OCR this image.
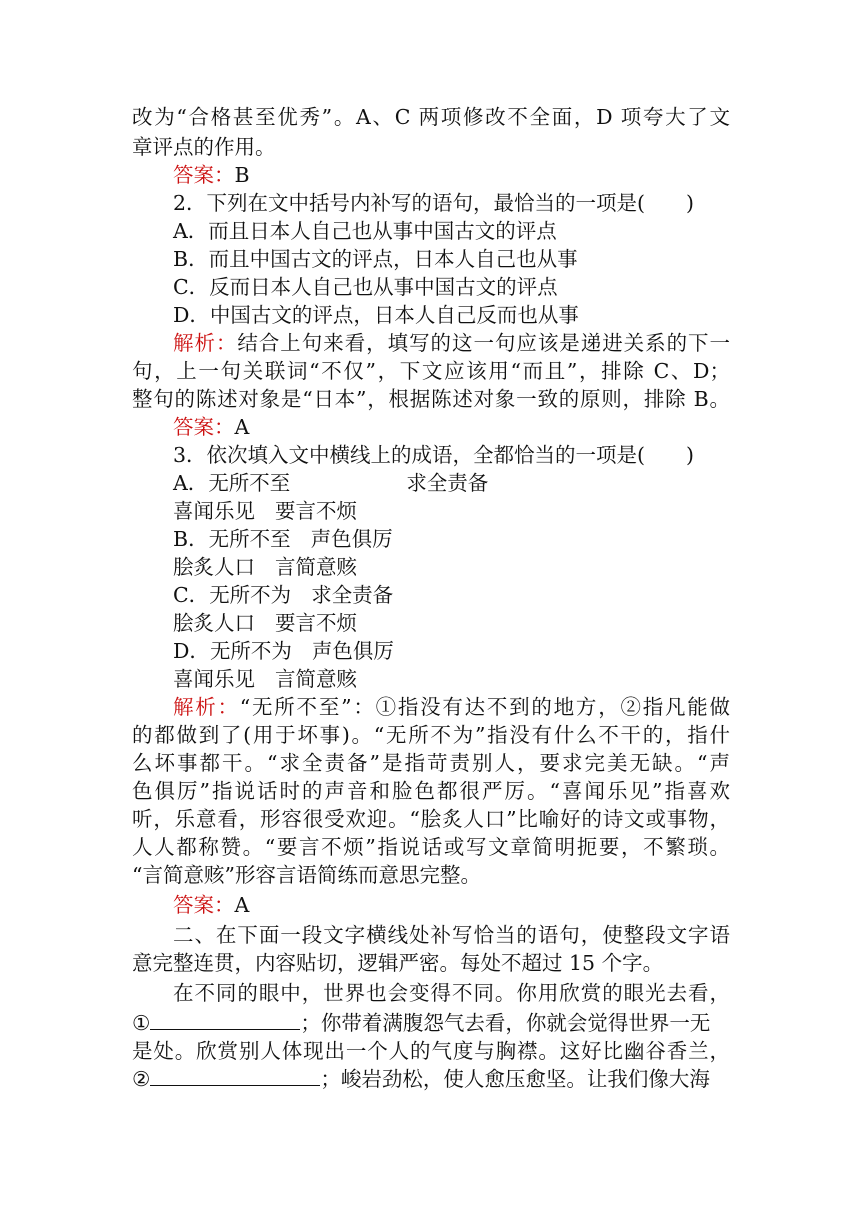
改为“合格甚至优秀”。A、C 两项修改不全面，D 项夸大了文
章评点的作用。
答案：B
2．下列在文中括号内补写的语句，最恰当的一项是(　　)
A．而且日本人自己也从事中国古文的评点
B．而且中国古文的评点，日本人自己也从事
C．反而日本人自己也从事中国古文的评点
D．中国古文的评点，日本人自己反而也从事
解析：结合上句来看，填写的这一句应该是递进关系的下一
句，上一句关联词“不仅”，下文应该用“而且”，排除 C、D；
整句的陈述对象是“日本”，根据陈述对象一致的原则，排除 B。
答案：A
3．依次填入文中横线上的成语，全都恰当的一项是(　　)
A．无所不至	求全责备
喜闻乐见 要言不烦
B．无所不至 声色俱厉
脍炙人口 言简意赅
C．无所不为 求全责备
脍炙人口 要言不烦
D．无所不为 声色俱厉
喜闻乐见 言简意赅
解析：“无所不至”：①指没有达不到的地方，②指凡能做
的都做到了(用于坏事)。“无所不为”指没有什么不干的，指什
么坏事都干。“求全责备”是指苛责别人，要求完美无缺。“声
色俱厉”指说话时的声音和脸色都很严厉。“喜闻乐见”指喜欢
听，乐意看，形容很受欢迎。“脍炙人口”比喻好的诗文或事物，
人人都称赞。“要言不烦”指说话或写文章简明扼要，不繁琐。
“言简意赅”形容言语简练而意思完整。
答案：A
二、在下面一段文字横线处补写恰当的语句，使整段文字语
意完整连贯，内容贴切，逻辑严密。每处不超过 15 个字。
在不同的眼中，世界也会变得不同。你用欣赏的眼光去看，
①	；你带着满腹怨气去看，你就会觉得世界一无
是处。欣赏别人体现出一个人的气度与胸襟。这好比幽谷香兰，
②	；峻岩劲松，使人愈压愈坚。让我们像大海
